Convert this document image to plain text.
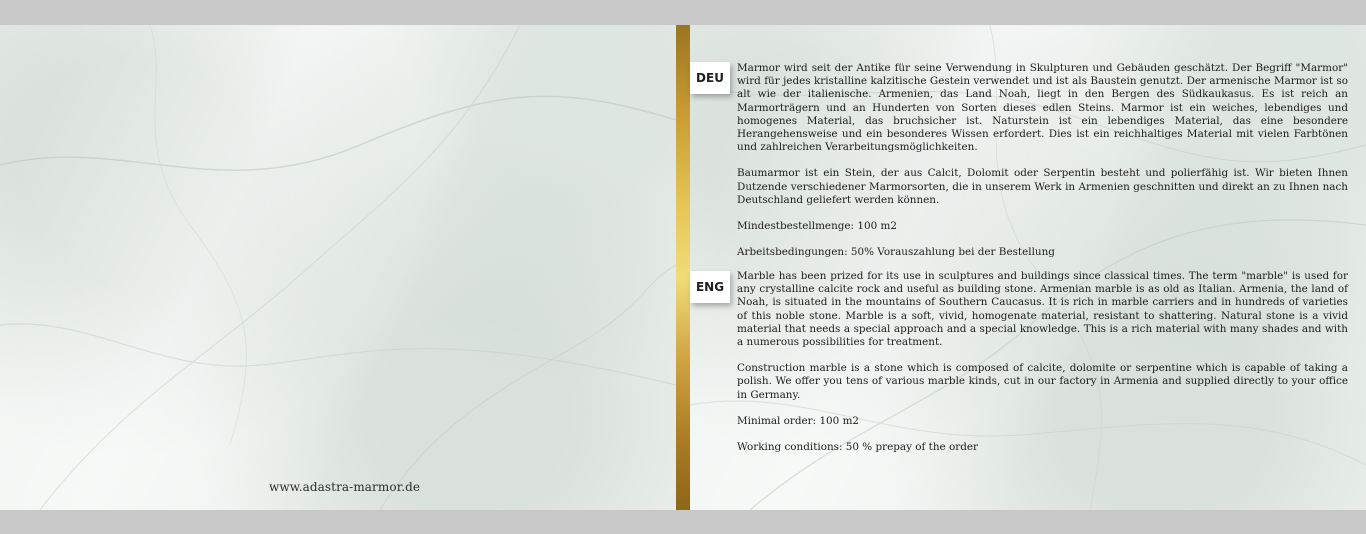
www.adastra-marmor.de
DEU
ENG

Marmor wird seit der Antike für seine Verwendung in Skulpturen und Gebäuden geschätzt. Der Begriff "Marmor" wird für jedes kristalline kalzitische Gestein verwendet und ist als Baustein genutzt. Der armenische Marmor ist so alt wie der italienische. Armenien, das Land Noah, liegt in den Bergen des Südkaukasus. Es ist reich an Marmorträgern und an Hunderten von Sorten dieses edlen Steins. Marmor ist ein weiches, lebendiges und homogenes Material, das bruchsicher ist. Naturstein ist ein lebendiges Material, das eine besondere Herangehensweise und ein besonderes Wissen erfordert. Dies ist ein reichhaltiges Material mit vielen Farbtönen und zahlreichen Verarbeitungsmöglichkeiten.

Baumarmor ist ein Stein, der aus Calcit, Dolomit oder Serpentin besteht und polierfähig ist. Wir bieten Ihnen Dutzende verschiedener Marmorsorten, die in unserem Werk in Armenien geschnitten und direkt an zu Ihnen nach Deutschland geliefert werden können.

Mindestbestellmenge: 100 m2

Arbeitsbedingungen: 50% Vorauszahlung bei der Bestellung

Marble has been prized for its use in sculptures and buildings since classical times. The term "marble" is used for any crystalline calcite rock and useful as building stone. Armenian marble is as old as Italian. Armenia, the land of Noah, is situated in the mountains of Southern Caucasus. It is rich in marble carriers and in hundreds of varieties of this noble stone. Marble is a soft, vivid, homogenate material, resistant to shattering. Natural stone is a vivid material that needs a special approach and a special knowledge. This is a rich material with many shades and with a numerous possibilities for treatment.

Construction marble is a stone which is composed of calcite, dolomite or serpentine which is capable of taking a polish. We offer you tens of various marble kinds, cut in our factory in Armenia and supplied directly to your office in Germany.

Minimal order: 100 m2

Working conditions: 50 % prepay of the order
